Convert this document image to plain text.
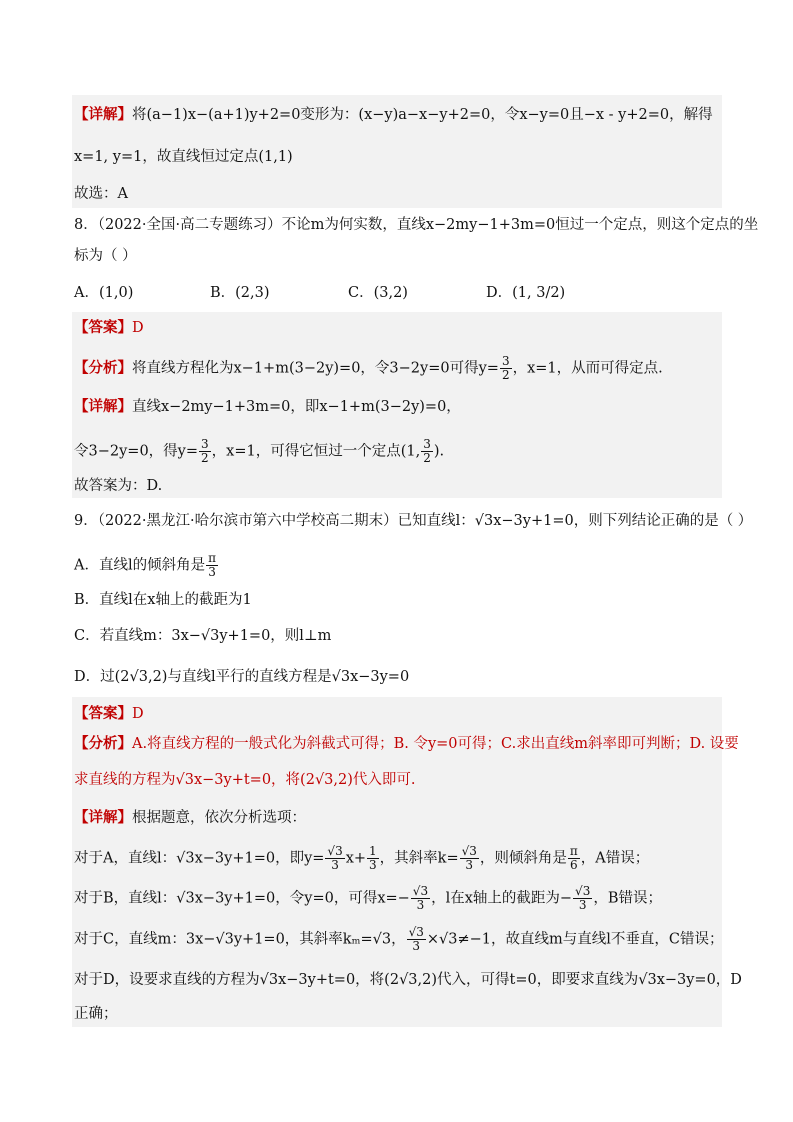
【详解】将(a−1)x−(a+1)y+2=0变形为：(x−y)a−x−y+2=0，令x−y=0且−x - y+2=0，解得
x=1, y=1，故直线恒过定点(1,1)
故选：A
8．（2022·全国·高二专题练习）不论m为何实数，直线x−2my−1+3m=0恒过一个定点，则这个定点的坐
标为（ ）
A．(1,0)	B．(2,3)	C．(3,2)	D．(1, 3/2)
【答案】D
【分析】将直线方程化为x−1+m(3−2y)=0，令3−2y=0可得$y= \frac{3}{2}$ ，x=1，从而可得定点.
【详解】直线x−2my−1+3m=0，即x−1+m(3−2y)=0，
令3−2y=0，得$y= \frac{3}{2}$ ，x=1，可得它恒过一个定点(1, $\frac{3}{2}$ ).
故答案为：D.
9．（2022·黑龙江·哈尔滨市第六中学校高二期末）已知直线l：√3x−3y+1=0，则下列结论正确的是（ ）
A．直线l的倾斜角是 $\frac{\pi}{3}$
B．直线l在x轴上的截距为1
C．若直线m：3x−√3y+1=0，则l⊥m
D．过(2√3,2)与直线l平行的直线方程是√3x−3y=0
【答案】D
【分析】A.将直线方程的一般式化为斜截式可得；B. 令y=0可得；C.求出直线m斜率即可判断；D. 设要
求直线的方程为√3x−3y+t=0，将(2√3,2)代入即可.
【详解】根据题意，依次分析选项：
对于A，直线l：√3x−3y+1=0，即$y= \frac{√3}{3} x+ \frac{1}{3}$ ，其斜率$k= \frac{√3}{3}$ ，则倾斜角是 $\frac{\pi}{6}$ ，A错误；
对于B，直线l：√3x−3y+1=0，令y=0，可得$x=- \frac{√3}{3}$ ，l在x轴上的截距为− $\frac{√3}{3}$ ，B错误；
对于C，直线m：3x−√3y+1=0，其斜率kₘ=√3， $\frac{√3}{3} \times√3\ne-1$，故直线m与直线l不垂直，C错误；
对于D，设要求直线的方程为√3x−3y+t=0，将(2√3,2)代入，可得t=0，即要求直线为√3x−3y=0，D
正确；
